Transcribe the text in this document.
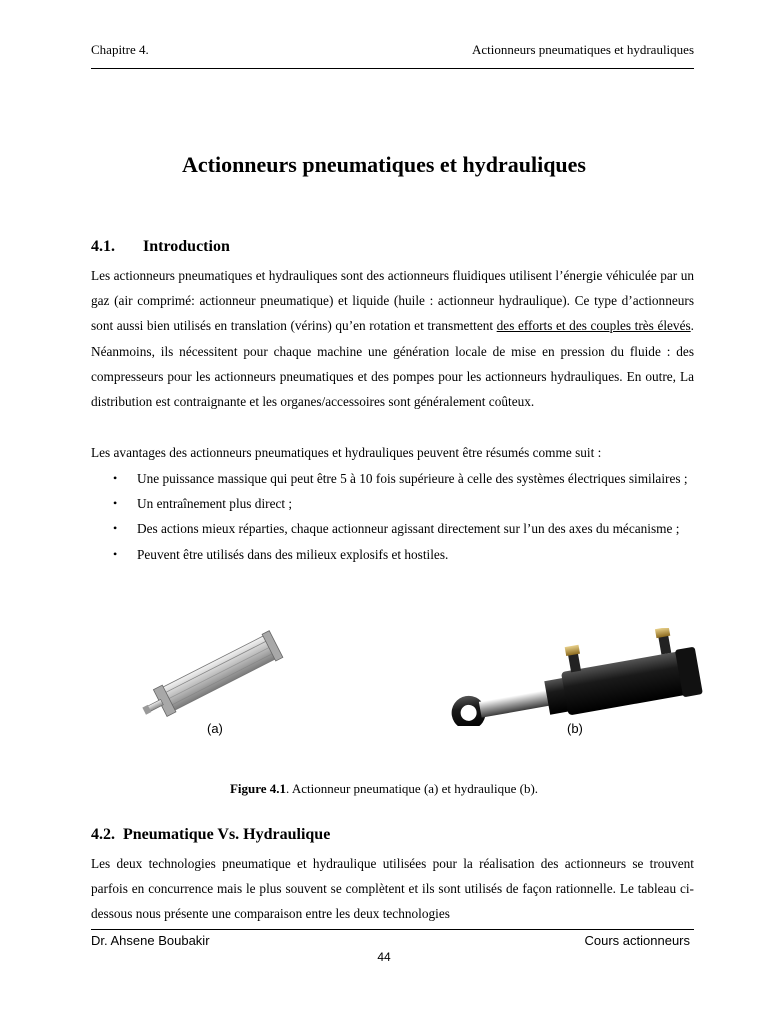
Chapitre 4.	Actionneurs pneumatiques et hydrauliques
Actionneurs pneumatiques et hydrauliques
4.1. Introduction
Les actionneurs pneumatiques et hydrauliques sont des actionneurs fluidiques utilisent l’énergie véhiculée par un gaz (air comprimé: actionneur pneumatique) et liquide (huile : actionneur hydraulique). Ce type d’actionneurs sont aussi bien utilisés en translation (vérins) qu’en rotation et transmettent des efforts et des couples très élevés. Néanmoins, ils nécessitent pour chaque machine une génération locale de mise en pression du fluide : des compresseurs pour les actionneurs pneumatiques et des pompes pour les actionneurs hydrauliques. En outre, La distribution est contraignante et les organes/accessoires sont généralement coûteux.
Les avantages des actionneurs pneumatiques et hydrauliques peuvent être résumés comme suit :
• Une puissance massique qui peut être 5 à 10 fois supérieure à celle des systèmes électriques similaires ;
• Un entraînement plus direct ;
• Des actions mieux réparties, chaque actionneur agissant directement sur l’un des axes du mécanisme ;
• Peuvent être utilisés dans des milieux explosifs et hostiles.
(a)	(b)
Figure 4.1. Actionneur pneumatique (a) et hydraulique (b).
4.2. Pneumatique Vs. Hydraulique
Les deux technologies pneumatique et hydraulique utilisées pour la réalisation des actionneurs se trouvent parfois en concurrence mais le plus souvent se complètent et ils sont utilisés de façon rationnelle. Le tableau ci-dessous nous présente une comparaison entre les deux technologies
Dr. Ahsene Boubakir	Cours actionneurs
44
